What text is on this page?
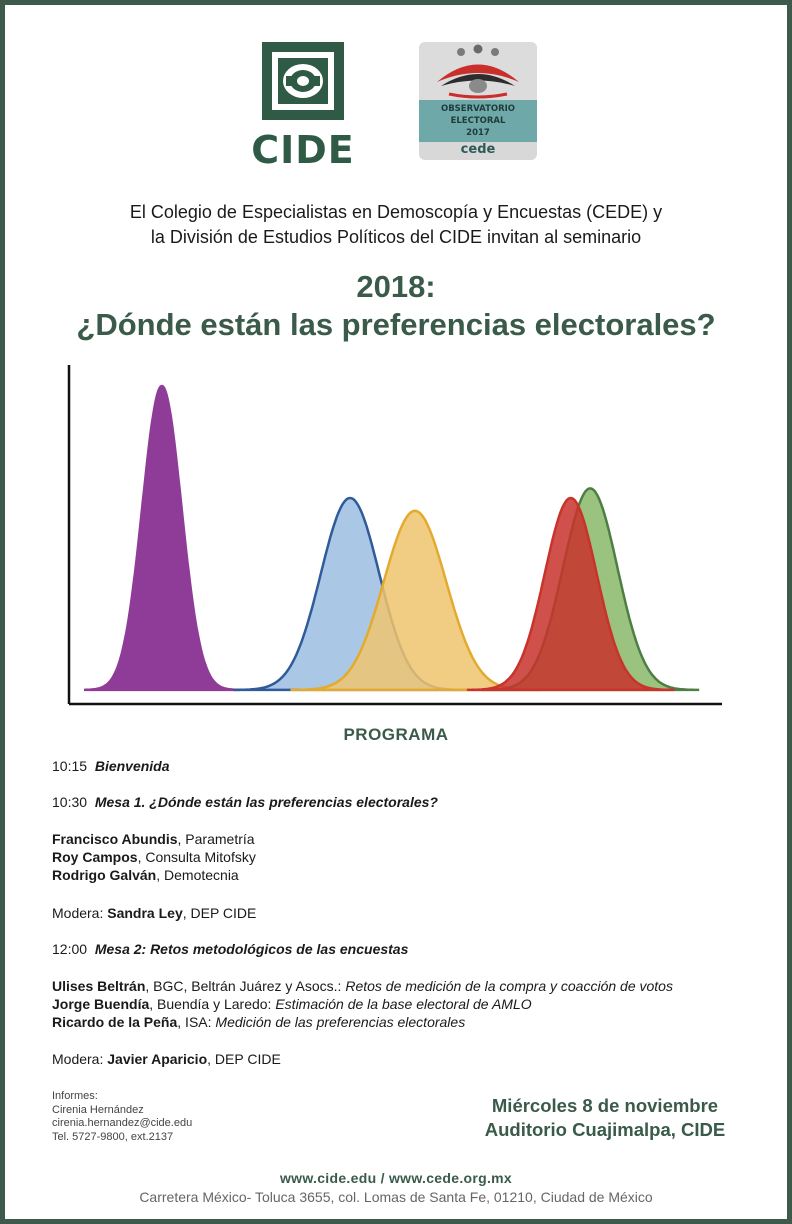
CIDE
OBSERVATORIO
ELECTORAL
2017
cede
El Colegio de Especialistas en Demoscopía y Encuestas (CEDE) y
la División de Estudios Políticos del CIDE invitan al seminario
2018:
¿Dónde están las preferencias electorales?
PROGRAMA
10:15 Bienvenida
10:30 Mesa 1. ¿Dónde están las preferencias electorales?
Francisco Abundis, Parametría
Roy Campos, Consulta Mitofsky
Rodrigo Galván, Demotecnia
Modera: Sandra Ley, DEP CIDE
12:00 Mesa 2: Retos metodológicos de las encuestas
Ulises Beltrán, BGC, Beltrán Juárez y Asocs.: Retos de medición de la compra y coacción de votos
Jorge Buendía, Buendía y Laredo: Estimación de la base electoral de AMLO
Ricardo de la Peña, ISA: Medición de las preferencias electorales
Modera: Javier Aparicio, DEP CIDE
Informes:
Cirenia Hernández
cirenia.hernandez@cide.edu
Tel. 5727-9800, ext.2137
Miércoles 8 de noviembre
Auditorio Cuajimalpa, CIDE
www.cide.edu / www.cede.org.mx
Carretera México- Toluca 3655, col. Lomas de Santa Fe, 01210, Ciudad de México
